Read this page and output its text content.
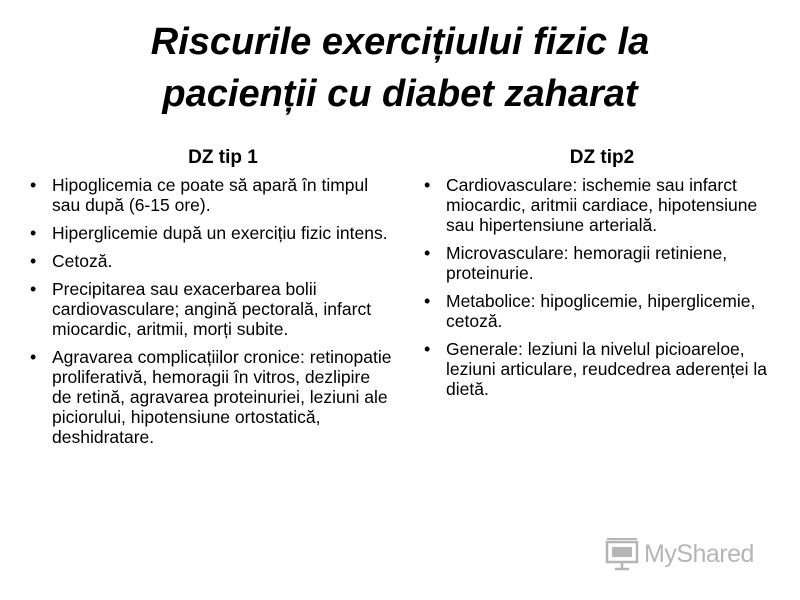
Riscurile exercițiului fizic la
pacienții cu diabet zaharat
DZ tip 1
• Hipoglicemia ce poate să apară în timpul sau după (6-15 ore).
• Hiperglicemie după un exercițiu fizic intens.
• Cetoză.
• Precipitarea sau exacerbarea bolii cardiovasculare; angină pectorală, infarct miocardic, aritmii, morți subite.
• Agravarea complicațiilor cronice: retinopatie proliferativă, hemoragii în vitros, dezlipire de retină, agravarea proteinuriei, leziuni ale piciorului, hipotensiune ortostatică, deshidratare.
DZ tip2
• Cardiovasculare: ischemie sau infarct miocardic, aritmii cardiace, hipotensiune sau hipertensiune arterială.
• Microvasculare: hemoragii retiniene, proteinurie.
• Metabolice: hipoglicemie, hiperglicemie, cetoză.
• Generale: leziuni la nivelul picioareloe, leziuni articulare, reudcedrea aderenței la dietă.
MyShared
